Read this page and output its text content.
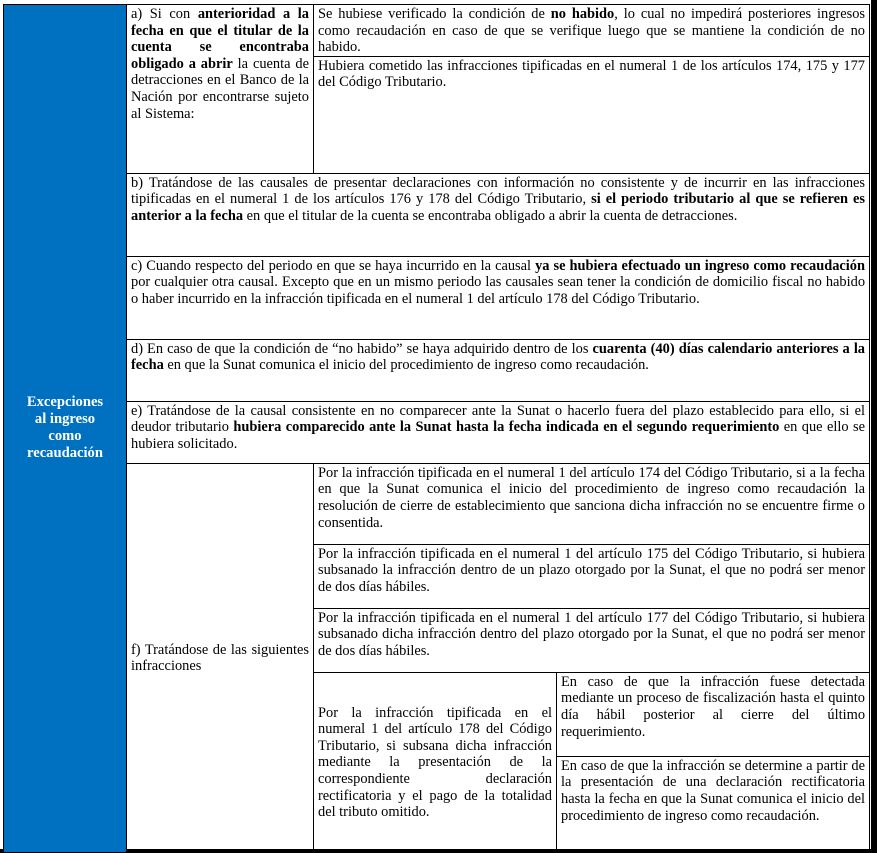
Excepciones
al ingreso
como
recaudación	a) Si con anterioridad a la fecha en que el titular de la cuenta se encontraba obligado a abrir la cuenta de detracciones en el Banco de la Nación por encontrarse sujeto al Sistema:	Se hubiese verificado la condición de no habido, lo cual no impedirá posteriores ingresos como recaudación en caso de que se verifique luego que se mantiene la condición de no habido.	
		Hubiera cometido las infracciones tipificadas en el numeral 1 de los artículos 174, 175 y 177 del Código Tributario.	
	b) Tratándose de las causales de presentar declaraciones con información no consistente y de incurrir en las infracciones tipificadas en el numeral 1 de los artículos 176 y 178 del Código Tributario, si el periodo tributario al que se refieren es anterior a la fecha en que el titular de la cuenta se encontraba obligado a abrir la cuenta de detracciones.		
	c) Cuando respecto del periodo en que se haya incurrido en la causal ya se hubiera efectuado un ingreso como recaudación por cualquier otra causal. Excepto que en un mismo periodo las causales sean tener la condición de domicilio fiscal no habido o haber incurrido en la infracción tipificada en el numeral 1 del artículo 178 del Código Tributario.		
	d) En caso de que la condición de “no habido” se haya adquirido dentro de los cuarenta (40) días calendario anteriores a la fecha en que la Sunat comunica el inicio del procedimiento de ingreso como recaudación.		
	e) Tratándose de la causal consistente en no comparecer ante la Sunat o hacerlo fuera del plazo establecido para ello, si el deudor tributario hubiera comparecido ante la Sunat hasta la fecha indicada en el segundo requerimiento en que ello se hubiera solicitado.		
	f) Tratándose de las siguientes infracciones	Por la infracción tipificada en el numeral 1 del artículo 174 del Código Tributario, si a la fecha en que la Sunat comunica el inicio del procedimiento de ingreso como recaudación la resolución de cierre de establecimiento que sanciona dicha infracción no se encuentre firme o consentida.	
		Por la infracción tipificada en el numeral 1 del artículo 175 del Código Tributario, si hubiera subsanado la infracción dentro de un plazo otorgado por la Sunat, el que no podrá ser menor de dos días hábiles.	
		Por la infracción tipificada en el numeral 1 del artículo 177 del Código Tributario, si hubiera subsanado dicha infracción dentro del plazo otorgado por la Sunat, el que no podrá ser menor de dos días hábiles.	
		Por la infracción tipificada en el numeral 1 del artículo 178 del Código Tributario, si subsana dicha infracción mediante la presentación de la correspondiente declaración rectificatoria y el pago de la totalidad del tributo omitido.	En caso de que la infracción fuese detectada mediante un proceso de fiscalización hasta el quinto día hábil posterior al cierre del último requerimiento.
			En caso de que la infracción se determine a partir de la presentación de una declaración rectificatoria hasta la fecha en que la Sunat comunica el inicio del procedimiento de ingreso como recaudación.
